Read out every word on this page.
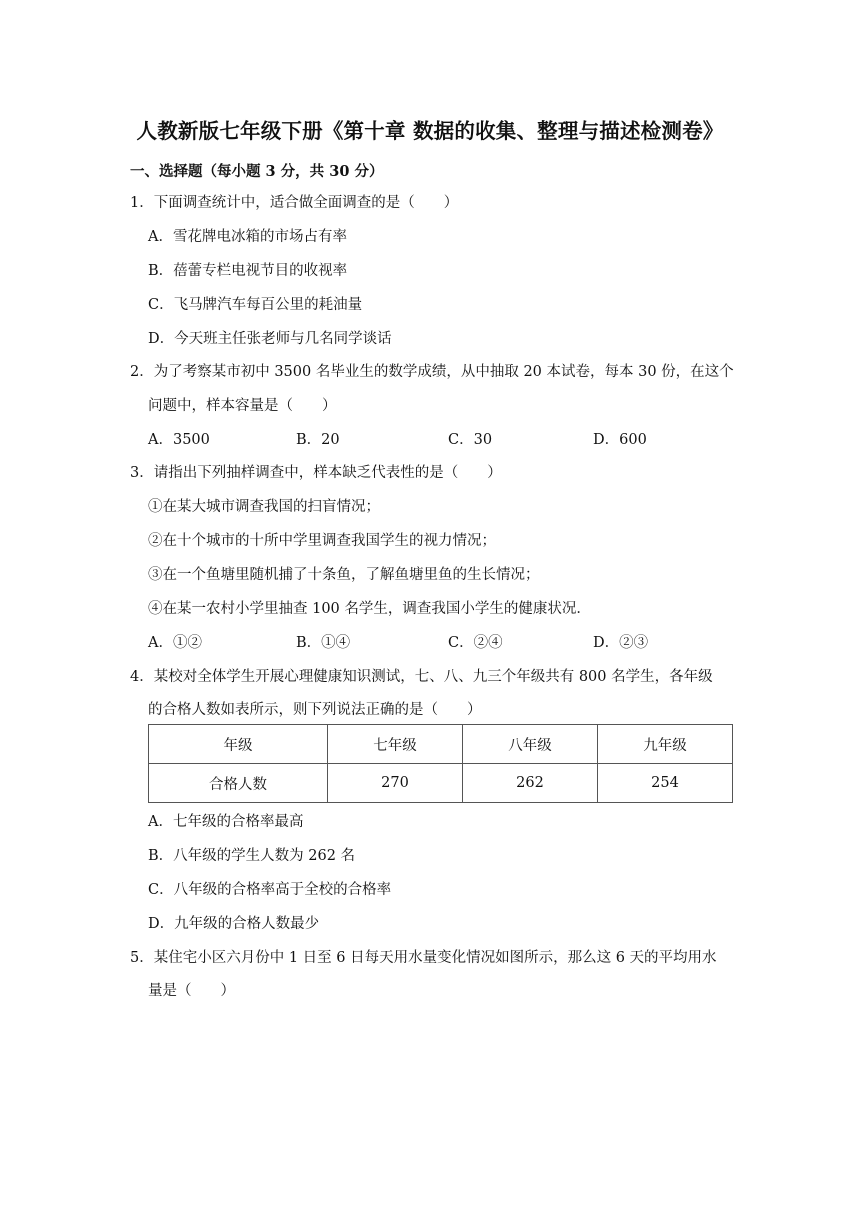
人教新版七年级下册《第十章 数据的收集、整理与描述检测卷》
一、选择题（每小题 3 分，共 30 分）
1．下面调查统计中，适合做全面调查的是（　　）
A．雪花牌电冰箱的市场占有率
B．蓓蕾专栏电视节目的收视率
C．飞马牌汽车每百公里的耗油量
D．今天班主任张老师与几名同学谈话
2．为了考察某市初中 3500 名毕业生的数学成绩，从中抽取 20 本试卷，每本 30 份，在这个
问题中，样本容量是（　　）
A．3500	B．20	C．30	D．600
3．请指出下列抽样调查中，样本缺乏代表性的是（　　）
①在某大城市调查我国的扫盲情况；
②在十个城市的十所中学里调查我国学生的视力情况；
③在一个鱼塘里随机捕了十条鱼，了解鱼塘里鱼的生长情况；
④在某一农村小学里抽查 100 名学生，调查我国小学生的健康状况．
A．①②	B．①④	C．②④	D．②③
4．某校对全体学生开展心理健康知识测试，七、八、九三个年级共有 800 名学生，各年级
的合格人数如表所示，则下列说法正确的是（　　）
年级	七年级	八年级	九年级
合格人数	270	262	254
A．七年级的合格率最高
B．八年级的学生人数为 262 名
C．八年级的合格率高于全校的合格率
D．九年级的合格人数最少
5．某住宅小区六月份中 1 日至 6 日每天用水量变化情况如图所示，那么这 6 天的平均用水
量是（　　）
